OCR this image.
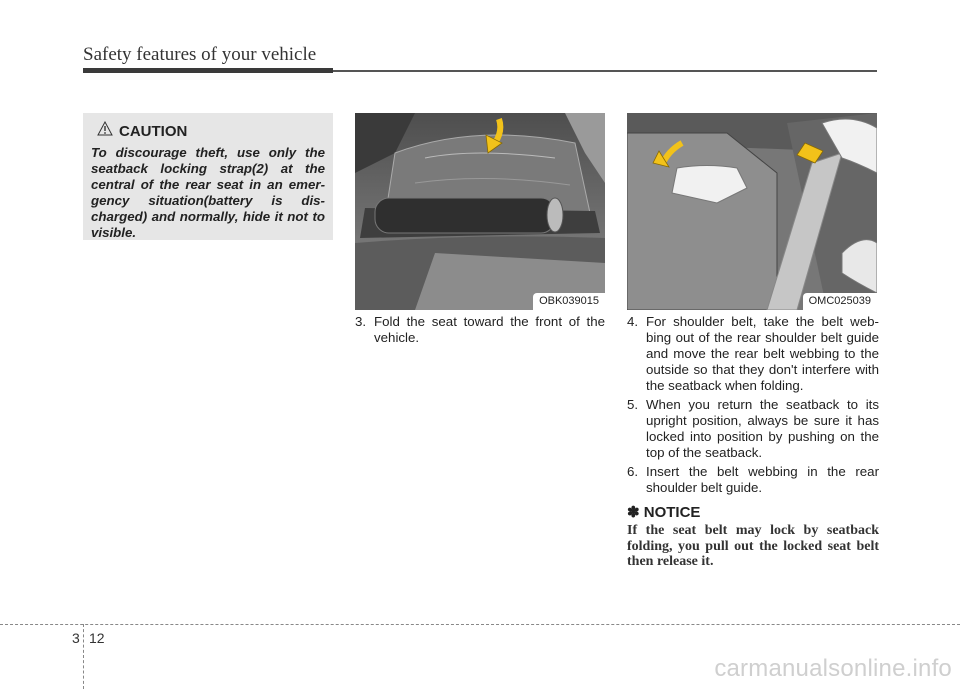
Safety features of your vehicle
CAUTION
To discourage theft, use only the seatback locking strap(2) at the central of the rear seat in an emer-gency situation(battery is dis-charged) and normally, hide it not to visible.
OBK039015	OMC025039
3. Fold the seat toward the front of the vehicle.
4. For shoulder belt, take the belt web-bing out of the rear shoulder belt guide and move the rear belt webbing to the outside so that they don't interfere with the seatback when folding.
5. When you return the seatback to its upright position, always be sure it has locked into position by pushing on the top of the seatback.
6. Insert the belt webbing in the rear shoulder belt guide.
✽ NOTICE
If the seat belt may lock by seatback folding, you pull out the locked seat belt then release it.
3 12
carmanualsonline.info
